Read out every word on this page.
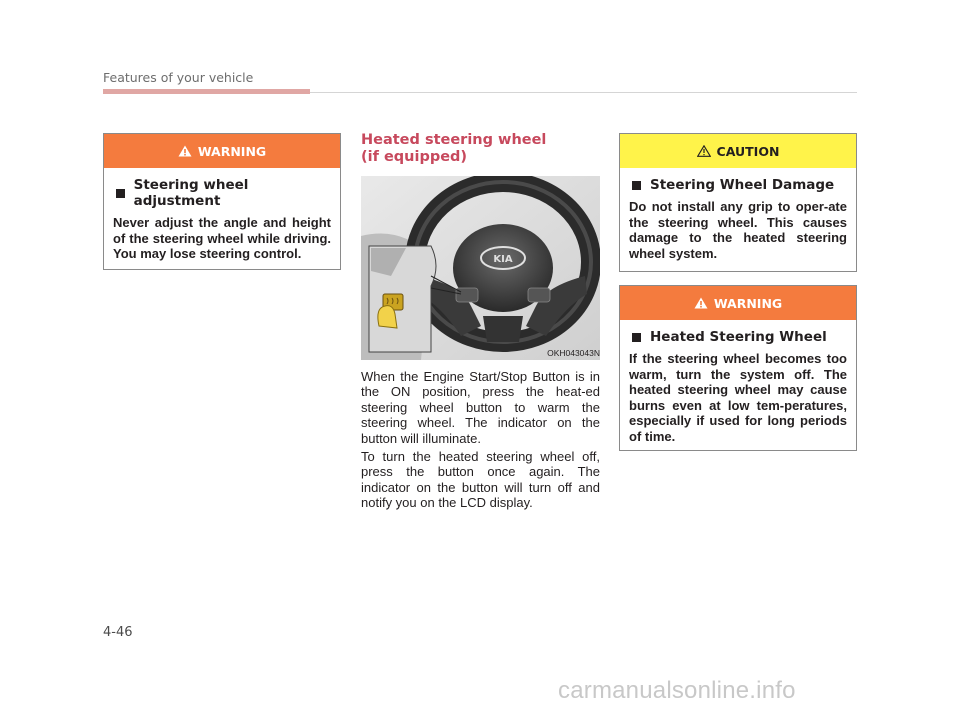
Features of your vehicle
WARNING
Steering wheel adjustment
Never adjust the angle and height of the steering wheel while driving. You may lose steering control.
Heated steering wheel
(if equipped)
KIA
OKH043043N

When the Engine Start/Stop Button is in the ON position, press the heat-ed steering wheel button to warm the steering wheel. The indicator on the button will illuminate.

To turn the heated steering wheel off, press the button once again. The indicator on the button will turn off and notify you on the LCD display.

CAUTION
Steering Wheel Damage
Do not install any grip to oper-ate the steering wheel. This causes damage to the heated steering wheel system.
WARNING
Heated Steering Wheel
If the steering wheel becomes too warm, turn the system off. The heated steering wheel may cause burns even at low tem-peratures, especially if used for long periods of time.
4-46
carmanualsonline.info
